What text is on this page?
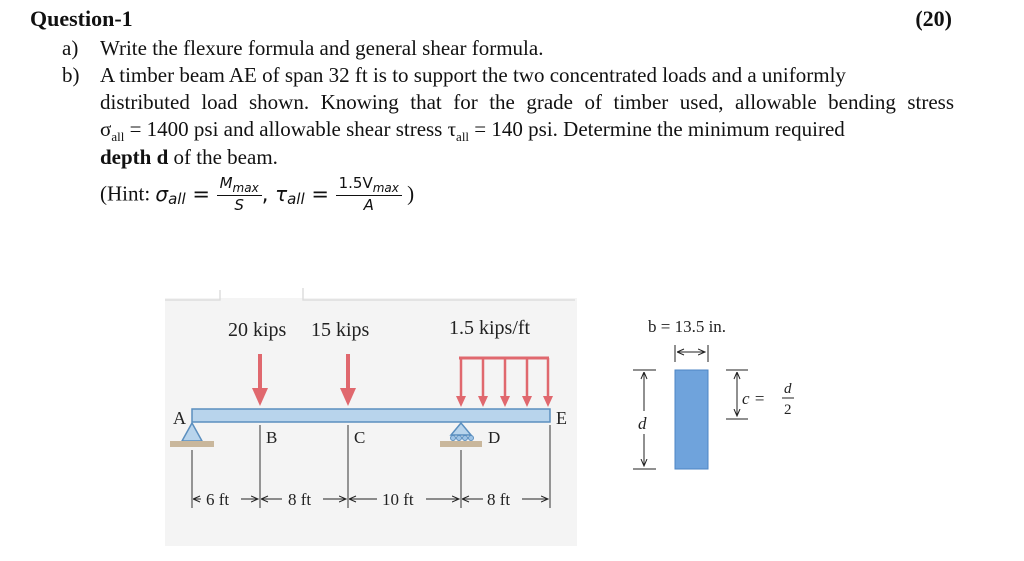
Question-1	(20)
a) Write the flexure formula and general shear formula.
b) A timber beam AE of span 32 ft is to support the two concentrated loads and a uniformly
distributed load shown. Knowing that for the grade of timber used, allowable bending stress
$\sigma_{all} = 1400$ psi and allowable shear stress $\tau_{all} = 140$ psi. Determine the minimum required
depth d of the beam.
(Hint: $\sigma_{all} = \frac{M_{max}}{S}$ , $\tau_{all} = \frac{1.5V_{max}}{A}$ )
20 kips 15 kips	1.5 kips/ft
A	E
B	C	D
6 ft	8 ft	10 ft	8 ft
b = 13.5 in.
d
c = d
2
